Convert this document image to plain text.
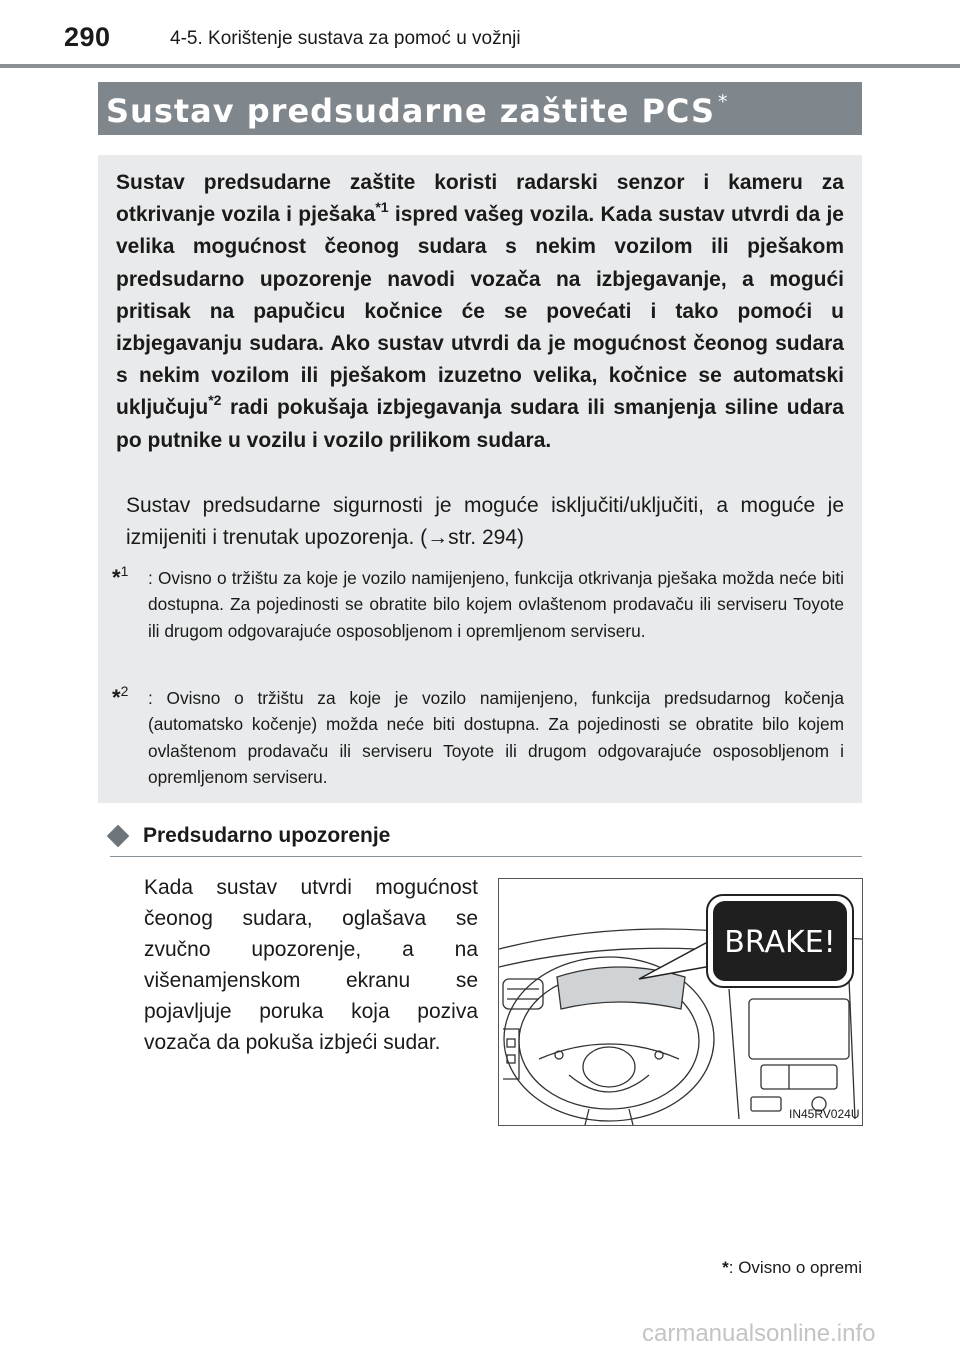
290	4-5. Korištenje sustava za pomoć u vožnji
Sustav predsudarne zaštite PCS *
Sustav predsudarne zaštite koristi radarski senzor i kameru za otkrivanje vozila i pješaka$^{*1}$ ispred vašeg vozila. Kada sustav utvrdi da je velika mogućnost čeonog sudara s nekim vozilom ili pješakom predsudarno upozorenje navodi vozača na izbjegavanje, a mogući pritisak na papučicu kočnice će se povećati i tako pomoći u izbjegavanju sudara. Ako sustav utvrdi da je mogućnost čeonog sudara s nekim vozilom ili pješakom izuzetno velika, kočnice se automatski uključuju$^{*2}$ radi pokušaja izbjegavanja sudara ili smanjenja siline udara po putnike u vozilu i vozilo prilikom sudara.
Sustav predsudarne sigurnosti je moguće isključiti/uključiti, a moguće je izmijeniti i trenutak upozorenja. (→str. 294)
*$^1$ : Ovisno o tržištu za koje je vozilo namijenjeno, funkcija otkrivanja pješaka možda neće biti dostupna. Za pojedinosti se obratite bilo kojem ovlaštenom prodavaču ili serviseru Toyote ili drugom odgovarajuće osposobljenom i opremljenom serviseru.
*$^2$ : Ovisno o tržištu za koje je vozilo namijenjeno, funkcija predsudarnog kočenja (automatsko kočenje) možda neće biti dostupna. Za pojedinosti se obratite bilo kojem ovlaštenom prodavaču ili serviseru Toyote ili drugom odgovarajuće osposobljenom i opremljenom serviseru.
Predsudarno upozorenje
Kada sustav utvrdi mogućnost čeonog sudara, oglašava se zvučno upozorenje, a na višenamjenskom ekranu se pojavljuje poruka koja poziva vozača da pokuša izbjeći sudar.
BRAKE!
IN45RV024U
*: Ovisno o opremi
carmanualsonline.info
